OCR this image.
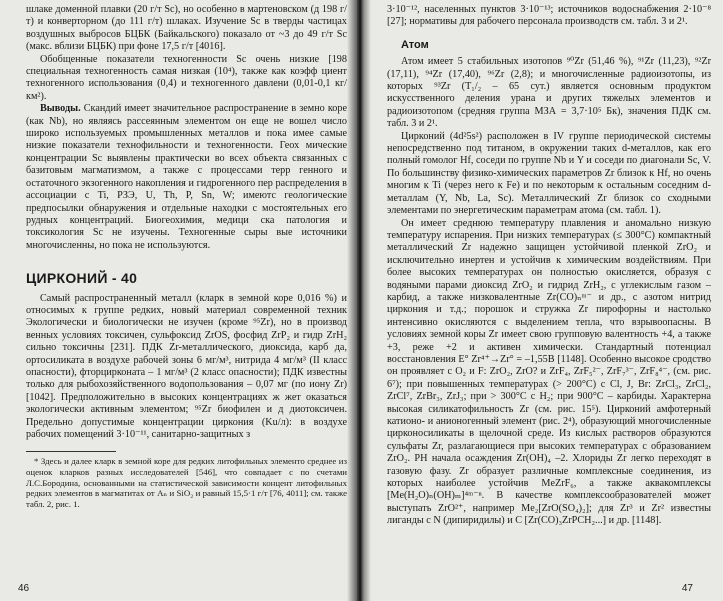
шлаке доменной плавки (20 г/т Sc), но особенно в мартеновском (д 198 г/т) и конверторном (до 111 г/т) шлаках. Изучение Sc в тверды частицах воздушных выбросов БЦБК (Байкальского) показало от ~3 до 49 г/т Sc (макс. вблизи БЦБК) при фоне 17,5 г/т [4016].

Обобщенные показатели техногенности Sc очень низкие [198 специальная техногенность самая низкая (10⁴), также как коэфф циент техногенного использования (0,4) и техногенного давлени (0,01-0,1 кг/км²).

Выводы. Скандий имеет значительное распространение в земно коре (как Nb), но являясь рассеянным элементом он еще не вошел число широко используемых промышленных металлов и пока имее самые низкие показатели технофильности и техногенности. Геох мические концентрации Sc выявлены практически во всех объекта связанных с базитовым магматизмом, а также с процессами терр генного и остаточного экзогенного накопления и гидрогенного пер распределения в ассоциации с Ti, РЗЭ, U, Th, P, Sn, W; имеютс геологические предпосылки обнаружения и отдельные находки с мостоятельных его рудных концентраций. Биогеохимия, медици ска патология и токсикология Sc не изучены. Техногенные сыры вые источники многочисленны, но пока не используются.

ЦИРКОНИЙ - 40

Самый распространенный металл (кларк в земной коре 0,016 %) и относимых к группе редких, новый материал современной техник Экологически и биологически не изучен (кроме ⁹⁵Zr), но в производ венных условиях токсичен, сульфоксид ZrOS, фосфид ZrP₂ и гидр ZrH₂ сильно токсичны [231]. ПДК Zr-металлического, диоксида, карб да, ортосиликата в воздухе рабочей зоны 6 мг/м³, нитрида 4 мг/м³ (II класс опасности), фторцирконата – 1 мг/м³ (2 класс опасности); ПДК известны только для рыбохозяйственного водопользования – 0,07 мг (по иону Zr) [1042]. Предположительно в высоких концентрациях ж жет оказаться экологически активным элементом; ⁹⁵Zr биофилен и д диотоксичен. Предельно допустимые концентрации циркония (Ku/л): в воздухе рабочих помещений 3·10⁻¹¹, санитарно-защитных з

* Здесь и далее кларк в земной коре для редких литофильных элементо среднее из оценок кларков разных исследователей [546], что совпадает с по счетами Л.С.Бородина, основанными на статистической зависимости концент литофильных редких элементов в магматитах от Aₙ и SiO₂ и равный 15,5·1 г/т [76, 4011]; см. также табл. 2, рис. 1.

46

3·10⁻¹², населенных пунктов 3·10⁻¹³; источников водоснабжения 2·10⁻⁸ [27]; нормативы для рабочего персонала производств см. табл. 3 и 2¹.

Атом

Атом имеет 5 стабильных изотопов ⁹⁰Zr (51,46 %), ⁹¹Zr (11,23), ⁹²Zr (17,11), ⁹⁴Zr (17,40), ⁹⁶Zr (2,8); и многочисленные радиоизотопы, из которых ⁹³Zr (T₁/₂ – 65 сут.) является основным продуктом искусственного деления урана и других тяжелых элементов и радиоизотопом (средняя группа МЗА = 3,7·10⁵ Бк), значения ПДК см. табл. 3 и 2¹.

Цирконий (4d²5s²) расположен в IV группе периодической системы непосредственно под титаном, в окружении таких d-металлов, как его полный гомолог Hf, соседи по группе Nb и Y и соседи по диагонали Sc, V. По большинству физико-химических параметров Zr близок к Hf, но очень многим к Ti (через него к Fe) и по некоторым к остальным соседним d-металлам (Y, Nb, La, Sc). Металлический Zr близок со сходными элементами по энергетическим параметрам атома (см. табл. 1).

Он имеет среднюю температуру плавления и аномально низкую температуру испарения. При низких температурах (≤ 300°С) компактный металлический Zr надежно защищен устойчивой пленкой ZrO₂ и исключительно инертен и устойчив к химическим воздействиям. При более высоких температурах он полностью окисляется, образуя с водяными парами диоксид ZrO₂ и гидрид ZrH₂, с углекислым газом – карбид, а также низковалентные Zr(CO)ₙᵐ⁻ и др., с азотом нитрид циркония и т.д.; порошок и стружка Zr пирофорны и настолько интенсивно окисляются с выделением тепла, что взрывоопасны. В условиях земной коры Zr имеет свою групповую валентность +4, а также +3, реже +2 и активен химически. Стандартный потенциал восстановления E° Zr⁴⁺→Zr° = –1,55В [1148]. Особенно высокое сродство он проявляет с O₂ и F: ZrO₂, ZrO? и ZrF₄, ZrF₅²⁻, ZrF₇³⁻, ZrF₈⁴⁻, (см. рис. 6⁷); при повышенных температурах (> 200°С) с Cl, J, Br: ZrCl₃, ZrCl₂, ZrCl⁷, ZrBr₃, ZrJ₃; при > 300°С с H₂; при 900°С – карбиды. Характерна высокая силикатофильность Zr (см. рис. 15⁵). Цирконий амфотерный катионо- и анионогенный элемент (рис. 2⁴), образующий многочисленные цирконосиликаты в щелочной среде. Из кислых растворов образуются сульфаты Zr, разлагающиеся при высоких температурах с образованием ZrO₂. PH начала осаждения Zr(OH)₄ –2. Хлориды Zr легко переходят в газовую фазу. Zr образует различные комплексные соединения, из которых наиболее устойчив MeZrF₆, а также аквакомплексы [Me(H₂O)ₙ(OH)ₘ]⁴ᵐ⁻ⁿ. В качестве комплексообразователей может выступать ZrO²⁺, например Me₂[ZrO(SO₄)₂]; для Zr³ и Zr² известны лиганды с N (дипиридилы) и С [Zr(CO)₃ZrPCH₂...] и др. [1148].

47
